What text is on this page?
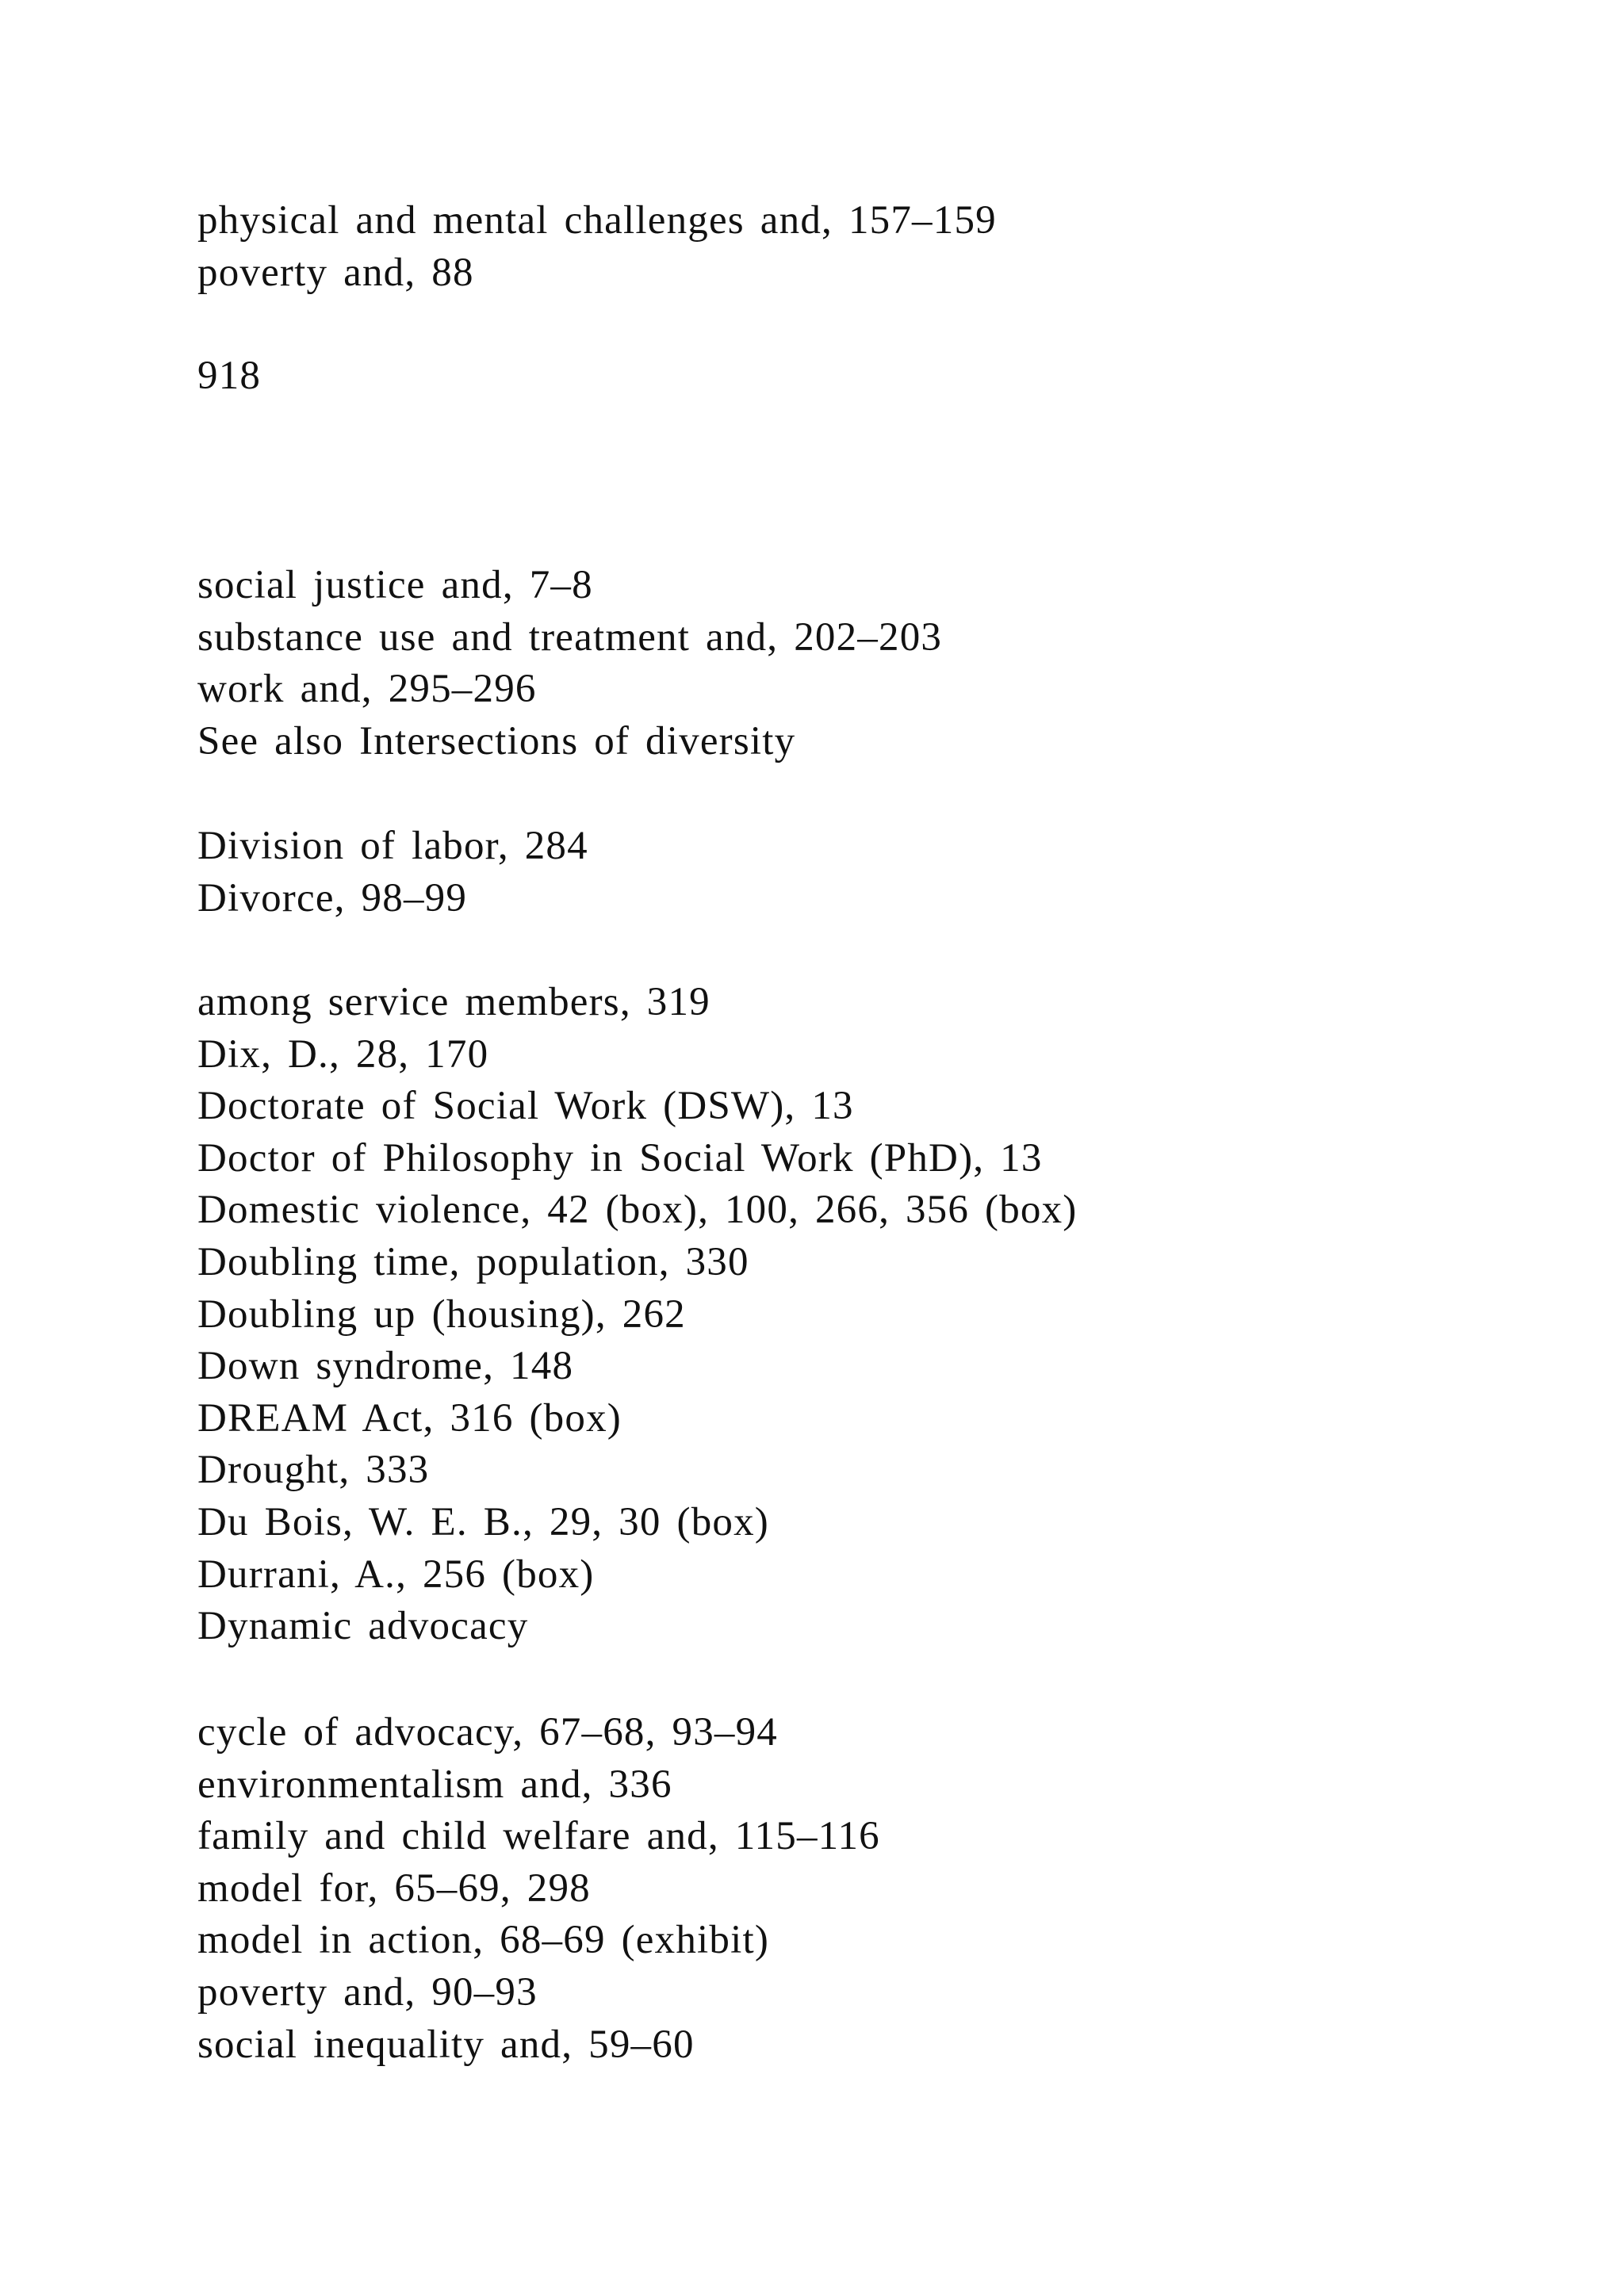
physical and mental challenges and, 157–159
poverty and, 88

918

social justice and, 7–8
substance use and treatment and, 202–203
work and, 295–296
See also Intersections of diversity
Division of labor, 284
Divorce, 98–99
among service members, 319
Dix, D., 28, 170
Doctorate of Social Work (DSW), 13
Doctor of Philosophy in Social Work (PhD), 13
Domestic violence, 42 (box), 100, 266, 356 (box)
Doubling time, population, 330
Doubling up (housing), 262
Down syndrome, 148
DREAM Act, 316 (box)
Drought, 333
Du Bois, W. E. B., 29, 30 (box)
Durrani, A., 256 (box)
Dynamic advocacy
cycle of advocacy, 67–68, 93–94
environmentalism and, 336
family and child welfare and, 115–116
model for, 65–69, 298
model in action, 68–69 (exhibit)
poverty and, 90–93
social inequality and, 59–60
